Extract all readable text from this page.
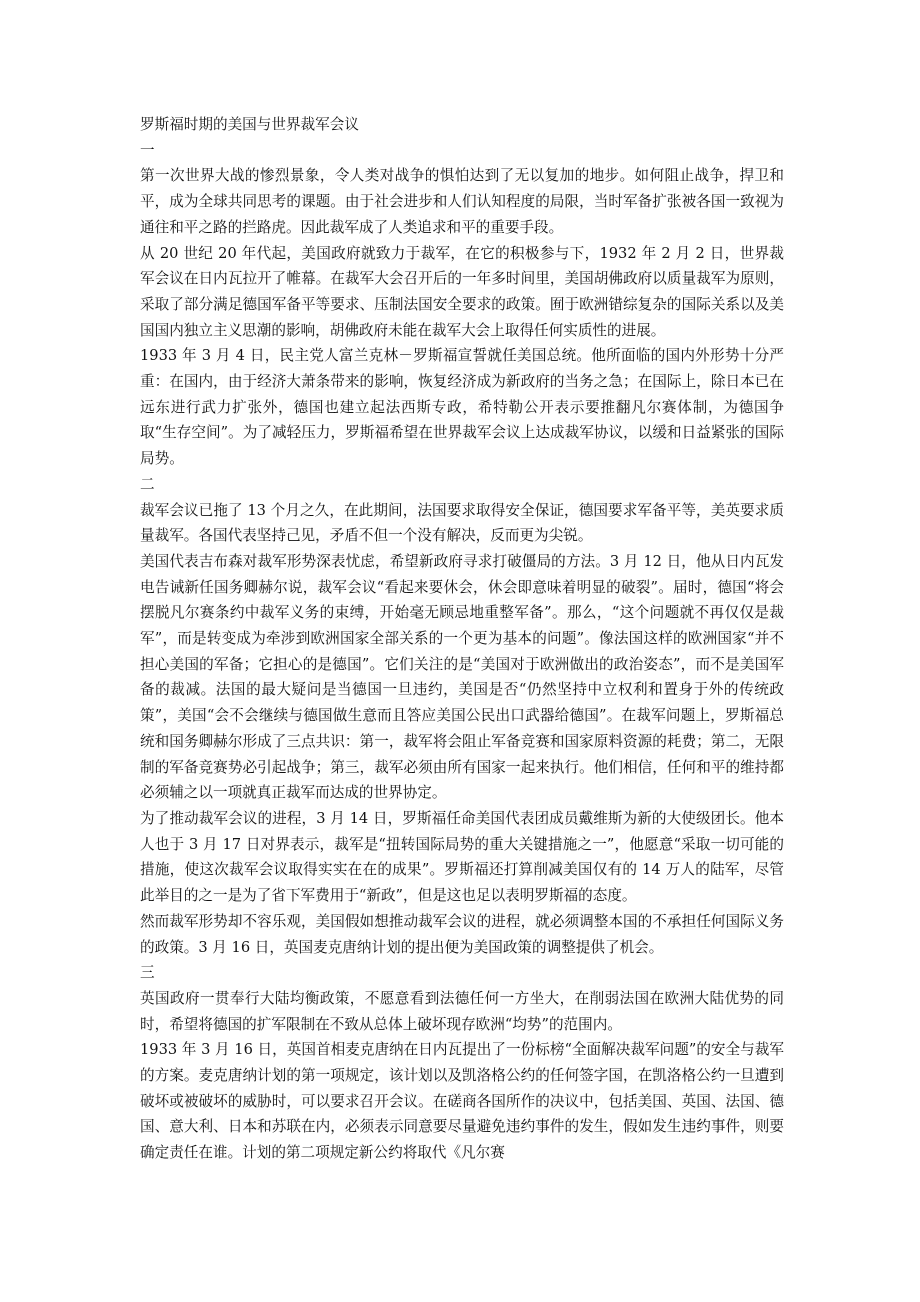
罗斯福时期的美国与世界裁军会议

一

第一次世界大战的惨烈景象，令人类对战争的惧怕达到了无以复加的地步。如何阻止战争，捍卫和平，成为全球共同思考的课题。由于社会进步和人们认知程度的局限，当时军备扩张被各国一致视为通往和平之路的拦路虎。因此裁军成了人类追求和平的重要手段。

从 20 世纪 20 年代起，美国政府就致力于裁军，在它的积极参与下，1932 年 2 月 2 日，世界裁军会议在日内瓦拉开了帷幕。在裁军大会召开后的一年多时间里，美国胡佛政府以质量裁军为原则，采取了部分满足德国军备平等要求、压制法国安全要求的政策。囿于欧洲错综复杂的国际关系以及美国国内独立主义思潮的影响，胡佛政府未能在裁军大会上取得任何实质性的进展。

1933 年 3 月 4 日，民主党人富兰克林－罗斯福宣誓就任美国总统。他所面临的国内外形势十分严重：在国内，由于经济大萧条带来的影响，恢复经济成为新政府的当务之急；在国际上，除日本已在远东进行武力扩张外，德国也建立起法西斯专政，希特勒公开表示要推翻凡尔赛体制，为德国争取“生存空间”。为了减轻压力，罗斯福希望在世界裁军会议上达成裁军协议，以缓和日益紧张的国际局势。

二

裁军会议已拖了 13 个月之久，在此期间，法国要求取得安全保证，德国要求军备平等，美英要求质量裁军。各国代表坚持己见，矛盾不但一个没有解决，反而更为尖锐。

美国代表吉布森对裁军形势深表忧虑，希望新政府寻求打破僵局的方法。3 月 12 日，他从日内瓦发电告诫新任国务卿赫尔说，裁军会议“看起来要休会，休会即意味着明显的破裂”。届时，德国“将会摆脱凡尔赛条约中裁军义务的束缚，开始毫无顾忌地重整军备”。那么，“这个问题就不再仅仅是裁军”，而是转变成为牵涉到欧洲国家全部关系的一个更为基本的问题”。像法国这样的欧洲国家“并不担心美国的军备；它担心的是德国”。它们关注的是“美国对于欧洲做出的政治姿态”，而不是美国军备的裁减。法国的最大疑问是当德国一旦违约，美国是否“仍然坚持中立权利和置身于外的传统政策”，美国“会不会继续与德国做生意而且答应美国公民出口武器给德国”。在裁军问题上，罗斯福总统和国务卿赫尔形成了三点共识：第一，裁军将会阻止军备竞赛和国家原料资源的耗费；第二，无限制的军备竞赛势必引起战争；第三，裁军必须由所有国家一起来执行。他们相信，任何和平的维持都必须辅之以一项就真正裁军而达成的世界协定。

为了推动裁军会议的进程，3 月 14 日，罗斯福任命美国代表团成员戴维斯为新的大使级团长。他本人也于 3 月 17 日对界表示，裁军是“扭转国际局势的重大关键措施之一”，他愿意“采取一切可能的措施，使这次裁军会议取得实实在在的成果”。罗斯福还打算削减美国仅有的 14 万人的陆军，尽管此举目的之一是为了省下军费用于“新政”，但是这也足以表明罗斯福的态度。

然而裁军形势却不容乐观，美国假如想推动裁军会议的进程，就必须调整本国的不承担任何国际义务的政策。3 月 16 日，英国麦克唐纳计划的提出便为美国政策的调整提供了机会。

三

英国政府一贯奉行大陆均衡政策，不愿意看到法德任何一方坐大，在削弱法国在欧洲大陆优势的同时，希望将德国的扩军限制在不致从总体上破坏现存欧洲“均势”的范围内。

1933 年 3 月 16 日，英国首相麦克唐纳在日内瓦提出了一份标榜“全面解决裁军问题”的安全与裁军的方案。麦克唐纳计划的第一项规定，该计划以及凯洛格公约的任何签字国，在凯洛格公约一旦遭到破坏或被破坏的威胁时，可以要求召开会议。在磋商各国所作的决议中，包括美国、英国、法国、德国、意大利、日本和苏联在内，必须表示同意要尽量避免违约事件的发生，假如发生违约事件，则要确定责任在谁。计划的第二项规定新公约将取代《凡尔赛
